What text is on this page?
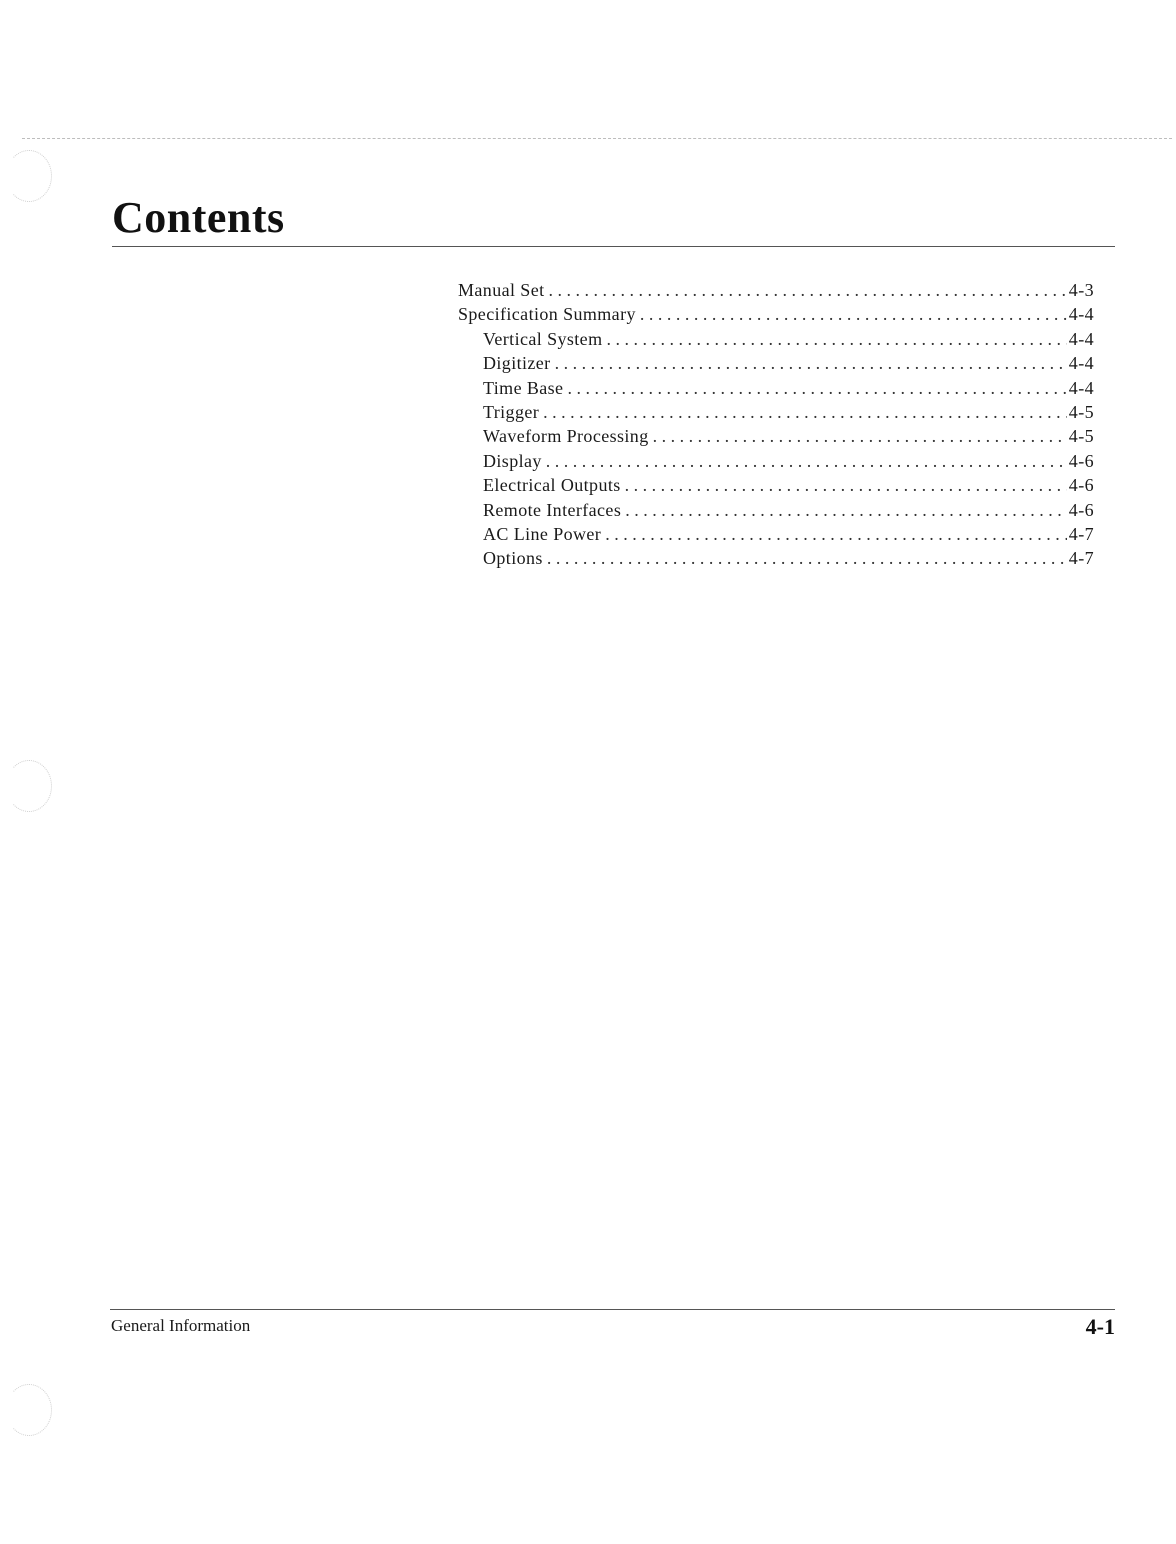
Contents
Manual Set . . .	4-3
Specification Summary . . .	4-4
Vertical System . . .	4-4
Digitizer . . .	4-4
Time Base . . .	4-4
Trigger . . .	4-5
Waveform Processing . . .	4-5
Display . . .	4-6
Electrical Outputs . . .	4-6
Remote Interfaces . . .	4-6
AC Line Power . . .	4-7
Options . . .	4-7
General Information	4-1
